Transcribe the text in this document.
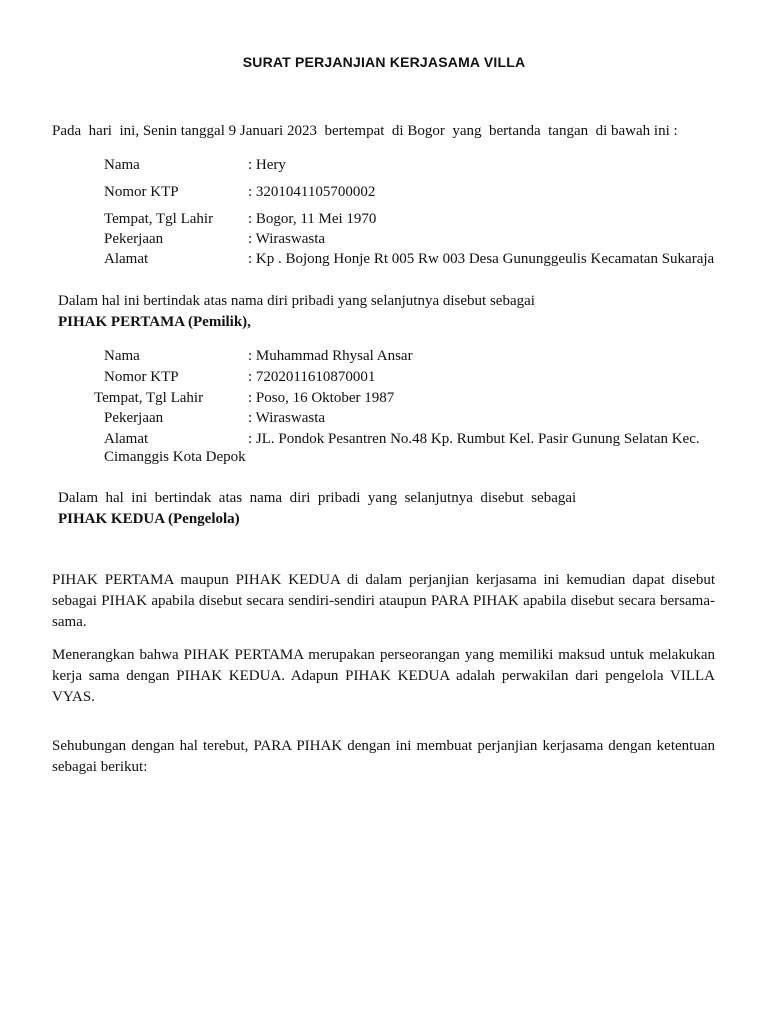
SURAT PERJANJIAN KERJASAMA VILLA
Pada  hari  ini, Senin tanggal 9 Januari 2023  bertempat  di Bogor  yang  bertanda  tangan  di bawah ini :
Nama	: Hery
Nomor KTP	: 3201041105700002
Tempat, Tgl Lahir : Bogor, 11 Mei 1970
Pekerjaan	: Wiraswasta
Alamat	: Kp . Bojong Honje Rt 005 Rw 003 Desa Gununggeulis Kecamatan Sukaraja
Dalam hal ini bertindak atas nama diri pribadi yang selanjutnya disebut sebagai
PIHAK PERTAMA (Pemilik),
Nama	: Muhammad Rhysal Ansar
Nomor KTP	: 7202011610870001
Tempat, Tgl Lahir	: Poso, 16 Oktober 1987
Pekerjaan	: Wiraswasta
Alamat	: JL. Pondok Pesantren No.48 Kp. Rumbut Kel. Pasir Gunung Selatan Kec.
Cimanggis Kota Depok
Dalam  hal  ini  bertindak  atas  nama  diri  pribadi  yang  selanjutnya  disebut  sebagai
PIHAK KEDUA (Pengelola)
PIHAK PERTAMA maupun PIHAK KEDUA di dalam perjanjian kerjasama ini kemudian dapat disebut sebagai PIHAK apabila disebut secara sendiri-sendiri ataupun PARA PIHAK apabila disebut secara bersama-sama.
Menerangkan bahwa PIHAK PERTAMA merupakan perseorangan yang memiliki maksud untuk melakukan kerja sama dengan PIHAK KEDUA. Adapun PIHAK KEDUA adalah perwakilan dari pengelola VILLA VYAS.
Sehubungan dengan hal terebut, PARA PIHAK dengan ini membuat perjanjian kerjasama dengan ketentuan sebagai berikut:
